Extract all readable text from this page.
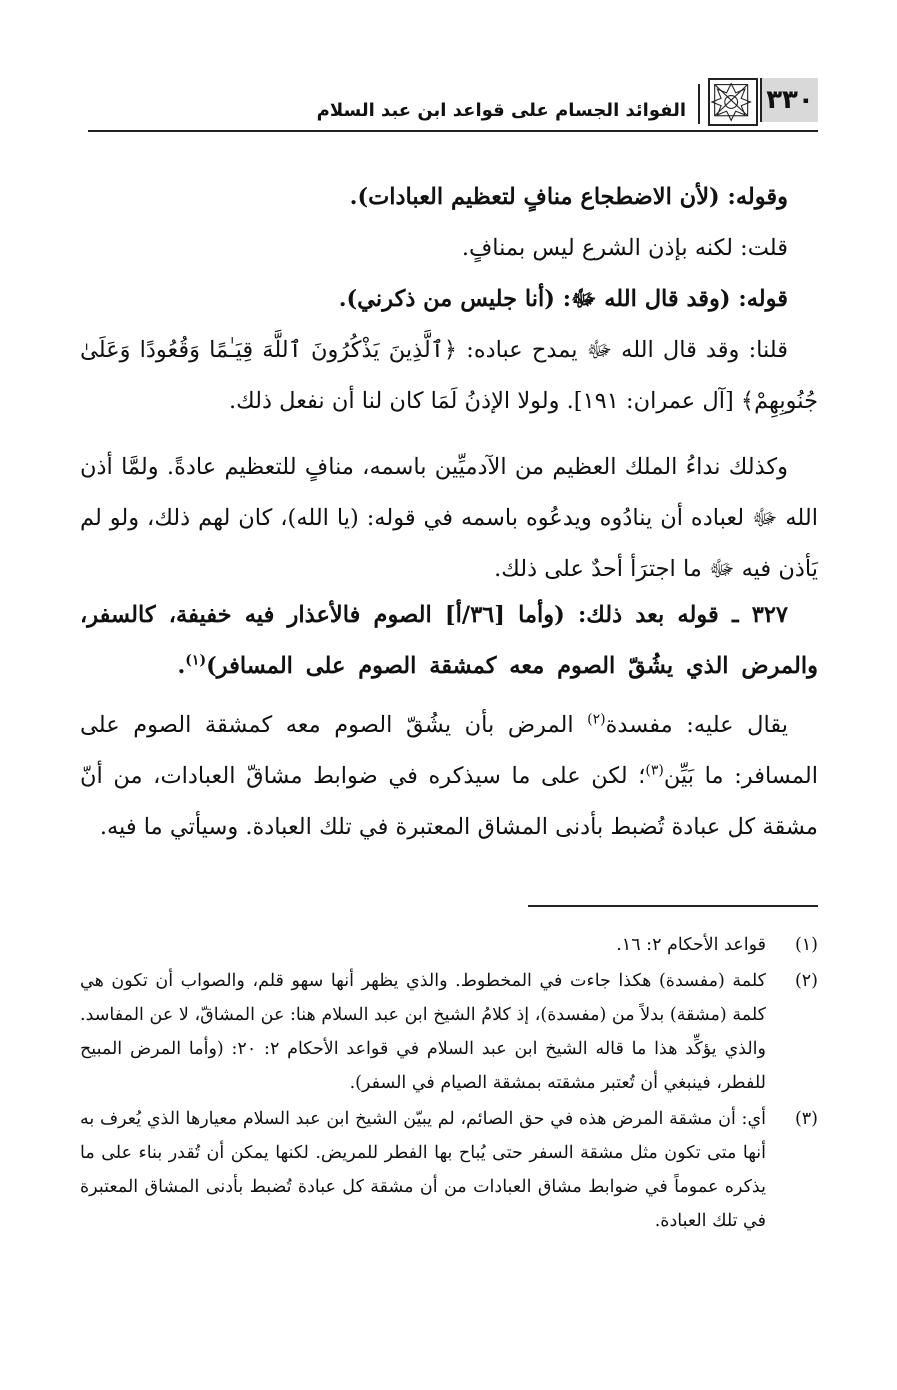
٣٣٠
الفوائد الجسام على قواعد ابن عبد السلام

وقوله: (لأن الاضطجاع منافٍ لتعظيم العبادات).

قلت: لكنه بإذن الشرع ليس بمنافٍ.

قوله: (وقد قال الله ﷻ: (أنا جليس من ذكرني).

قلنا: وقد قال الله ﷻ يمدح عباده: ﴿ٱلَّذِينَ يَذْكُرُونَ ٱللَّهَ قِيَـٰمًا وَقُعُودًا وَعَلَىٰ جُنُوبِهِمْ﴾ [آل عمران: ١٩١]. ولولا الإذنُ لَمَا كان لنا أن نفعل ذلك.

وكذلك نداءُ الملك العظيم من الآدميِّين باسمه، منافٍ للتعظيم عادةً. ولمَّا أذن الله ﷻ لعباده أن ينادُوه ويدعُوه باسمه في قوله: (يا الله)، كان لهم ذلك، ولو لم يَأذن فيه ﷻ ما اجترَأ أحدٌ على ذلك.

٣٢٧ ـ قوله بعد ذلك: (وأما [٣٦/أ] الصوم فالأعذار فيه خفيفة، كالسفر، والمرض الذي يشُقّ الصوم معه كمشقة الصوم على المسافر)$^{(١)}$.

يقال عليه: مفسدة$^{(٢)}$ المرض بأن يشُقّ الصوم معه كمشقة الصوم على المسافر: ما بَيِّن$^{(٣)}$؛ لكن على ما سيذكره في ضوابط مشاقّ العبادات، من أنّ مشقة كل عبادة تُضبط بأدنى المشاق المعتبرة في تلك العبادة. وسيأتي ما فيه.

(١)
قواعد الأحكام ٢: ١٦.
(٢)
كلمة (مفسدة) هكذا جاءت في المخطوط. والذي يظهر أنها سهو قلم، والصواب أن تكون هي كلمة (مشقة) بدلاً من (مفسدة)، إذ كلامُ الشيخ ابن عبد السلام هنا: عن المشاقّ، لا عن المفاسد. والذي يؤكِّد هذا ما قاله الشيخ ابن عبد السلام في قواعد الأحكام ٢: ٢٠: (وأما المرض المبيح للفطر، فينبغي أن تُعتبر مشقته بمشقة الصيام في السفر).
(٣)
أي: أن مشقة المرض هذه في حق الصائم، لم يبيّن الشيخ ابن عبد السلام معيارها الذي يُعرف به أنها متى تكون مثل مشقة السفر حتى يُباح بها الفطر للمريض. لكنها يمكن أن تُقدر بناء على ما يذكره عموماً في ضوابط مشاق العبادات من أن مشقة كل عبادة تُضبط بأدنى المشاق المعتبرة في تلك العبادة.
